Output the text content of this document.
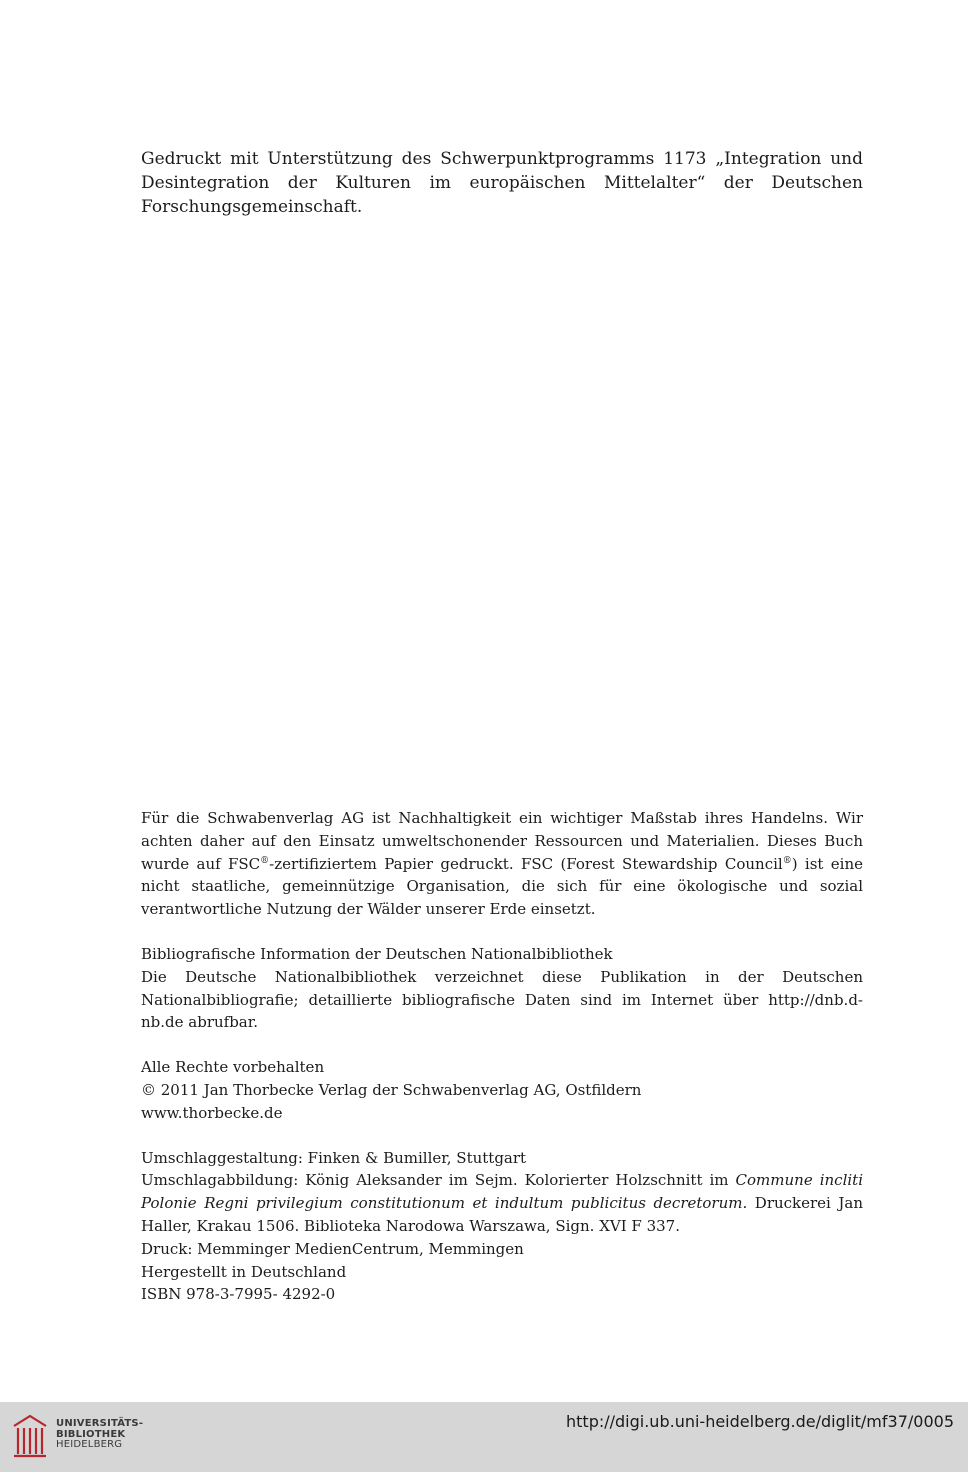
Gedruckt mit Unterstützung des Schwerpunktprogramms 1173 „Integration und Desintegration der Kulturen im europäischen Mittelalter“ der Deutschen Forschungsgemeinschaft.

Für die Schwabenverlag AG ist Nachhaltigkeit ein wichtiger Maßstab ihres Handelns. Wir achten daher auf den Einsatz umweltschonender Ressourcen und Materialien. Dieses Buch wurde auf FSC®-zertifiziertem Papier gedruckt. FSC (Forest Stewardship Council®) ist eine nicht staatliche, gemeinnützige Organisation, die sich für eine ökologische und sozial verantwortliche Nutzung der Wälder unserer Erde einsetzt.

Bibliografische Information der Deutschen Nationalbibliothek

Die Deutsche Nationalbibliothek verzeichnet diese Publikation in der Deutschen Nationalbibliografie; detaillierte bibliografische Daten sind im Internet über http://dnb.d-nb.de abrufbar.

Alle Rechte vorbehalten

© 2011 Jan Thorbecke Verlag der Schwabenverlag AG, Ostfildern

www.thorbecke.de

Umschlaggestaltung: Finken & Bumiller, Stuttgart

Umschlagabbildung: König Aleksander im Sejm. Kolorierter Holzschnitt im Commune incliti Polonie Regni privilegium constitutionum et indultum publicitus decretorum. Druckerei Jan Haller, Krakau 1506. Biblioteka Narodowa Warszawa, Sign. XVI F 337.

Druck: Memminger MedienCentrum, Memmingen

Hergestellt in Deutschland

ISBN 978-3-7995- 4292-0

UNIVERSITÄTS-
BIBLIOTHEK
HEIDELBERG
http://digi.ub.uni-heidelberg.de/diglit/mf37/0005
